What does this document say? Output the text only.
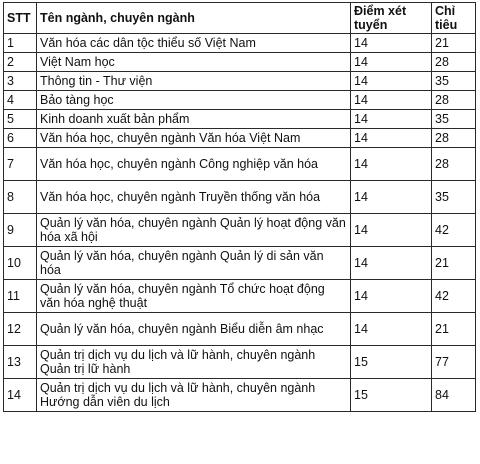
STT	Tên ngành, chuyên ngành	Điểm xét tuyển	Chỉ tiêu
1	Văn hóa các dân tộc thiểu số Việt Nam	14	21
2	Việt Nam học	14	28
3	Thông tin - Thư viện	14	35
4	Bảo tàng học	14	28
5	Kinh doanh xuất bản phẩm	14	35
6	Văn hóa học, chuyên ngành Văn hóa Việt Nam	14	28
7	Văn hóa học, chuyên ngành Công nghiệp văn hóa	14	28
8	Văn hóa học, chuyên ngành Truyền thống văn hóa	14	35
9	Quản lý văn hóa, chuyên ngành Quản lý hoạt động văn hóa xã hội	14	42
10	Quản lý văn hóa, chuyên ngành Quản lý di sản văn hóa	14	21
11	Quản lý văn hóa, chuyên ngành Tổ chức hoạt động văn hóa nghệ thuật	14	42
12	Quản lý văn hóa, chuyên ngành Biểu diễn âm nhạc	14	21
13	Quản trị dịch vụ du lịch và lữ hành, chuyên ngành Quản trị lữ hành	15	77
14	Quản trị dịch vụ du lịch và lữ hành, chuyên ngành Hướng dẫn viên du lịch	15	84
